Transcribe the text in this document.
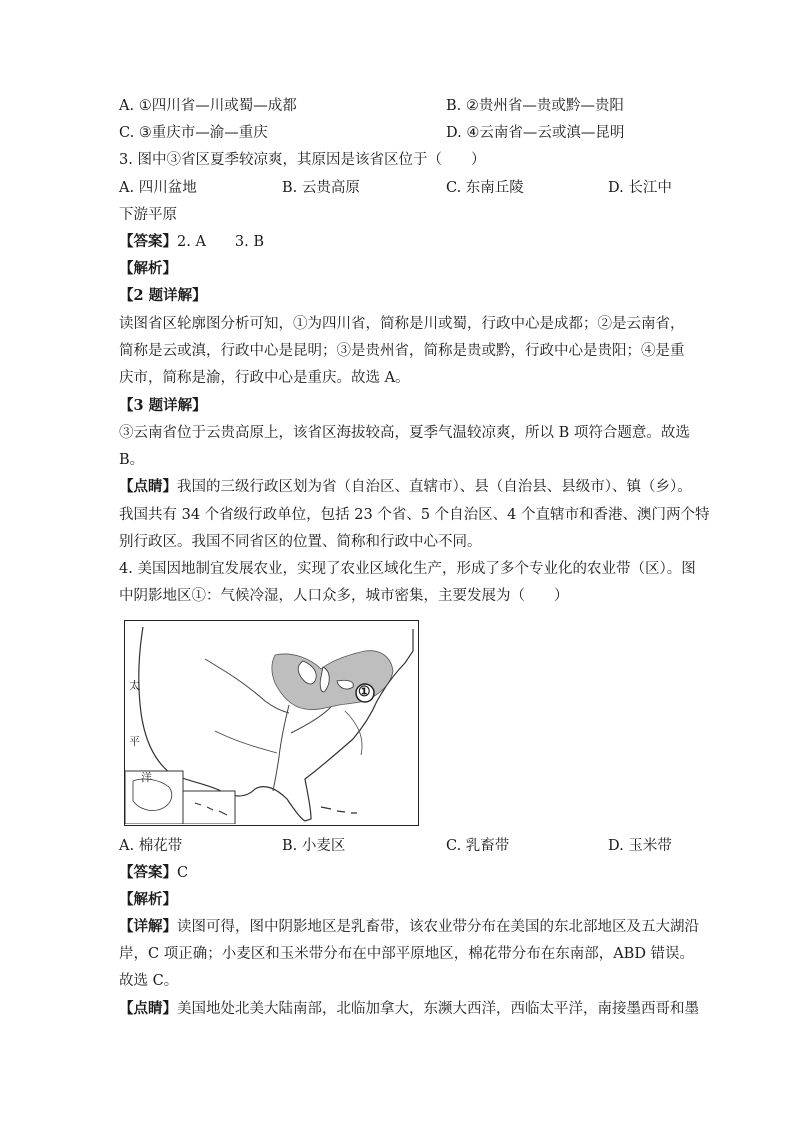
A. ①四川省—川或蜀—成都	B. ②贵州省—贵或黔—贵阳
C. ③重庆市—渝—重庆	D. ④云南省—云或滇—昆明
3. 图中③省区夏季较凉爽，其原因是该省区位于（　　）
A. 四川盆地	B. 云贵高原	C. 东南丘陵	D. 长江中
下游平原
【答案】2. A　　3. B
【解析】
【2 题详解】
读图省区轮廓图分析可知，①为四川省，简称是川或蜀，行政中心是成都；②是云南省，
简称是云或滇，行政中心是昆明；③是贵州省，简称是贵或黔，行政中心是贵阳；④是重
庆市，简称是渝，行政中心是重庆。故选 A。
【3 题详解】
③云南省位于云贵高原上，该省区海拔较高，夏季气温较凉爽，所以 B 项符合题意。故选
B。
【点睛】我国的三级行政区划为省（自治区、直辖市）、县（自治县、县级市）、镇（乡）。
我国共有 34 个省级行政单位，包括 23 个省、5 个自治区、4 个直辖市和香港、澳门两个特
别行政区。我国不同省区的位置、简称和行政中心不同。
4. 美国因地制宜发展农业，实现了农业区域化生产，形成了多个专业化的农业带（区）。图
中阴影地区①：气候冷湿，人口众多，城市密集，主要发展为（　　）
太
平
洋
①
A. 棉花带	B. 小麦区	C. 乳畜带	D. 玉米带
【答案】C
【解析】
【详解】读图可得，图中阴影地区是乳畜带，该农业带分布在美国的东北部地区及五大湖沿
岸，C 项正确；小麦区和玉米带分布在中部平原地区，棉花带分布在东南部，ABD 错误。
故选 C。
【点睛】美国地处北美大陆南部，北临加拿大，东濒大西洋，西临太平洋，南接墨西哥和墨
